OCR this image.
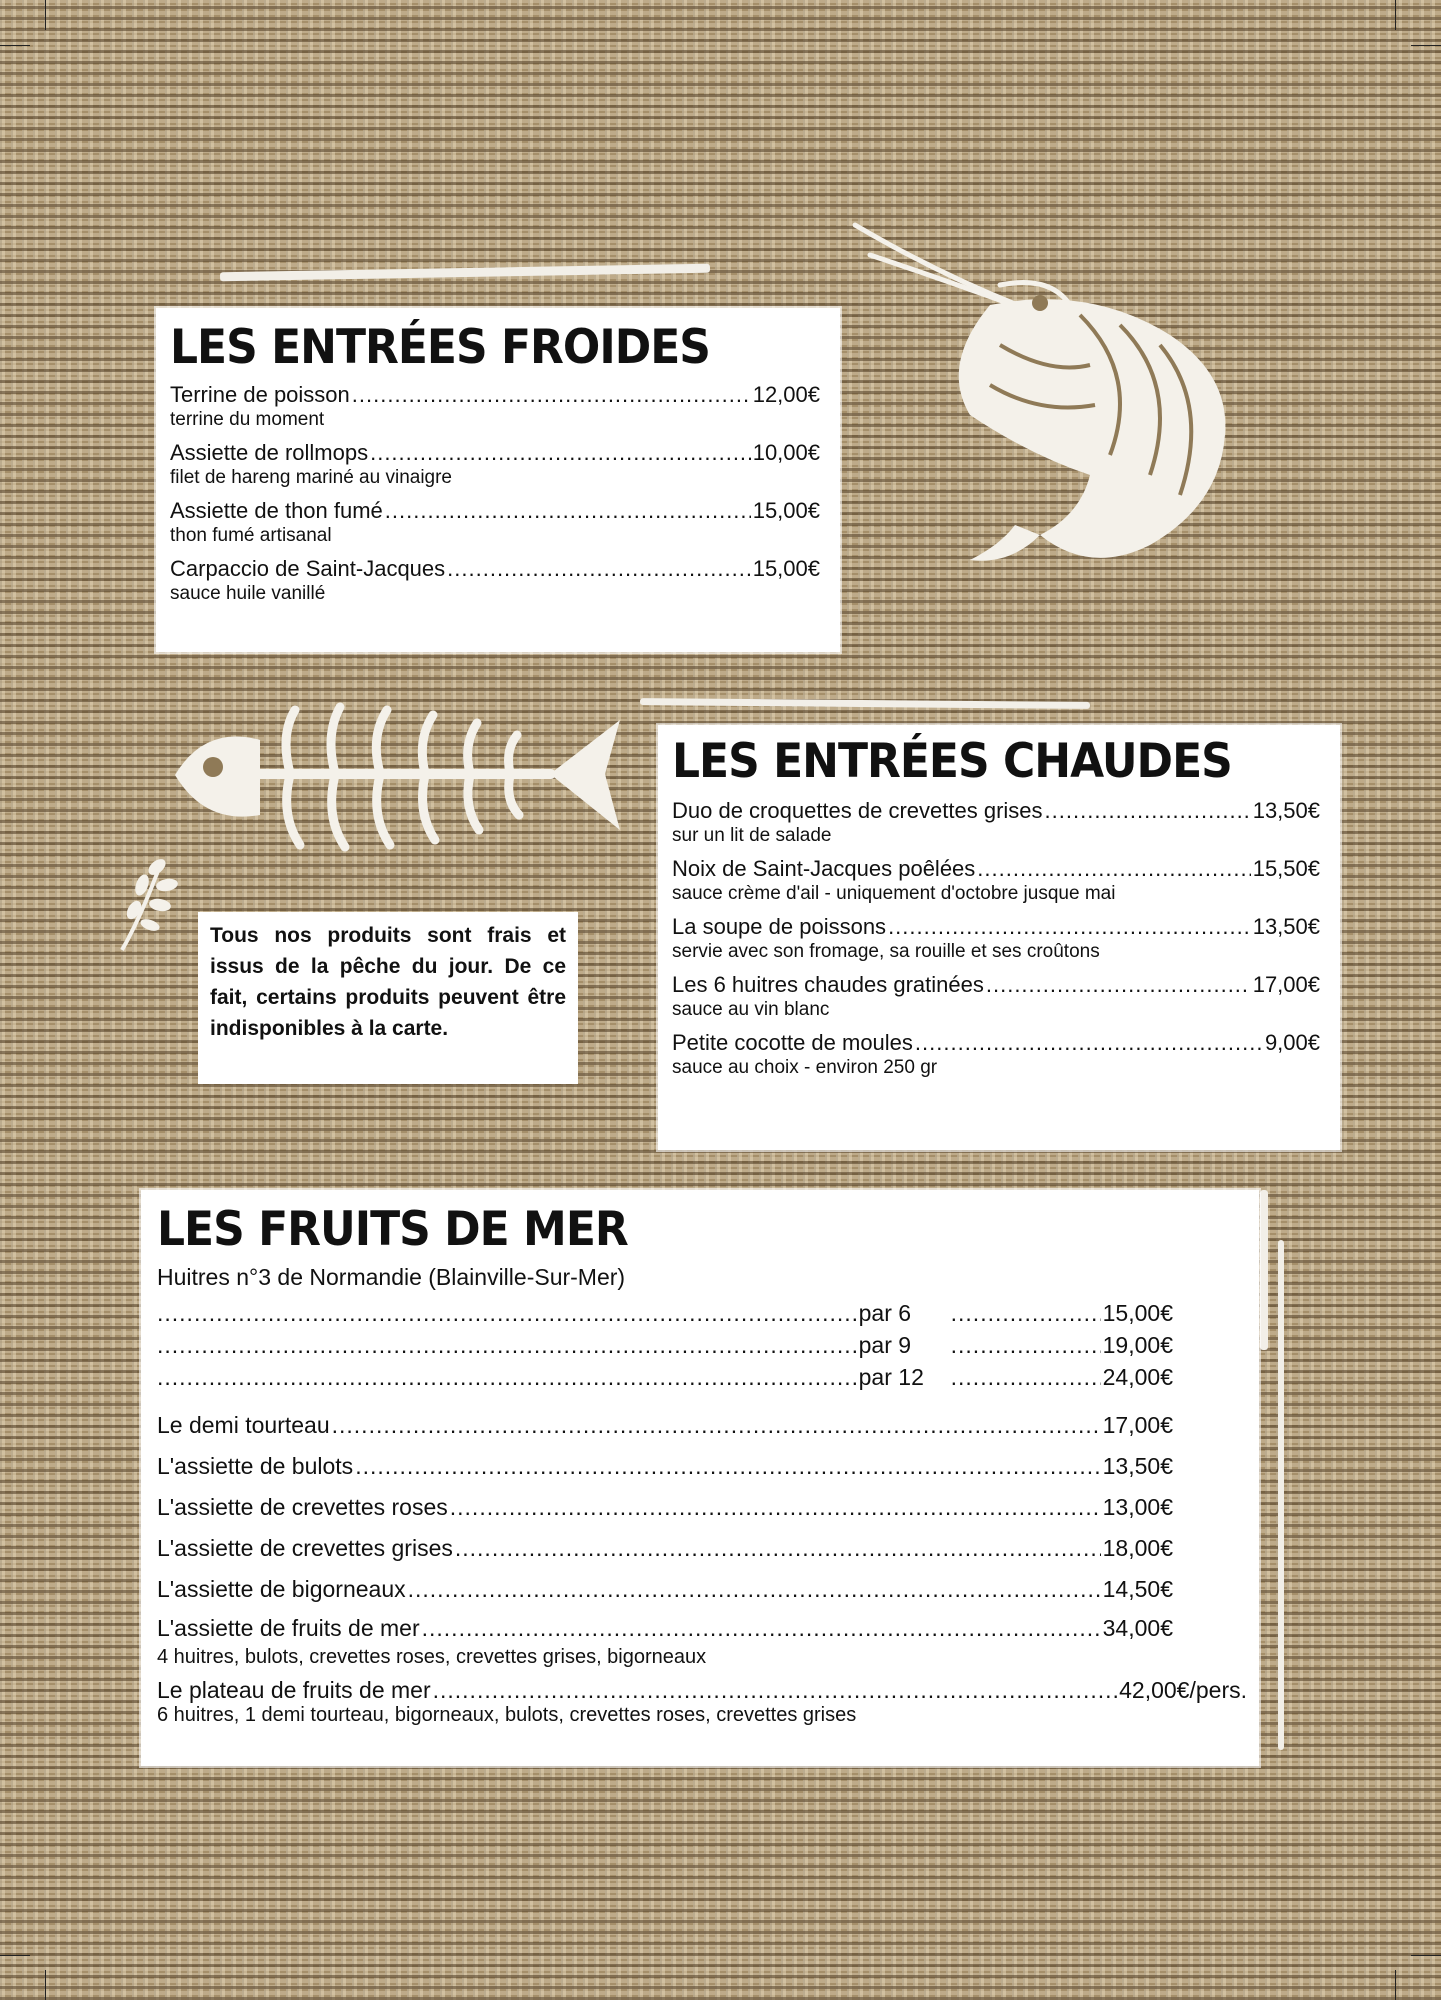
LES ENTRÉES FROIDES
Terrine de poisson .....	12,00€
terrine du moment
Assiette de rollmops .....	10,00€
filet de hareng mariné au vinaigre
Assiette de thon fumé .....	15,00€
thon fumé artisanal
Carpaccio de Saint-Jacques .....	15,00€
sauce huile vanillé
Tous nos produits sont frais et issus de la pêche du jour. De ce fait, certains produits peuvent être indisponibles à la carte.
LES ENTRÉES CHAUDES
Duo de croquettes de crevettes grises .....	13,50€
sur un lit de salade
Noix de Saint-Jacques poêlées .....	15,50€
sauce crème d'ail - uniquement d'octobre jusque mai
La soupe de poissons .....	13,50€
servie avec son fromage, sa rouille et ses croûtons
Les 6 huitres chaudes gratinées .....	17,00€
sauce au vin blanc
Petite cocotte de moules .....	9,00€
sauce au choix - environ 250 gr
LES FRUITS DE MER
Huitres n°3 de Normandie (Blainville-Sur-Mer)
.....
par 6 .....	15,00€
.....
par 9 .....	19,00€
.....
par 12 .....	24,00€
Le demi tourteau .....	17,00€
L'assiette de bulots .....	13,50€
L'assiette de crevettes roses .....	13,00€
L'assiette de crevettes grises .....	18,00€
L'assiette de bigorneaux .....	14,50€
L'assiette de fruits de mer .....	34,00€
4 huitres, bulots, crevettes roses, crevettes grises, bigorneaux
Le plateau de fruits de mer .....	42,00€/pers.
6 huitres, 1 demi tourteau, bigorneaux, bulots, crevettes roses, crevettes grises
